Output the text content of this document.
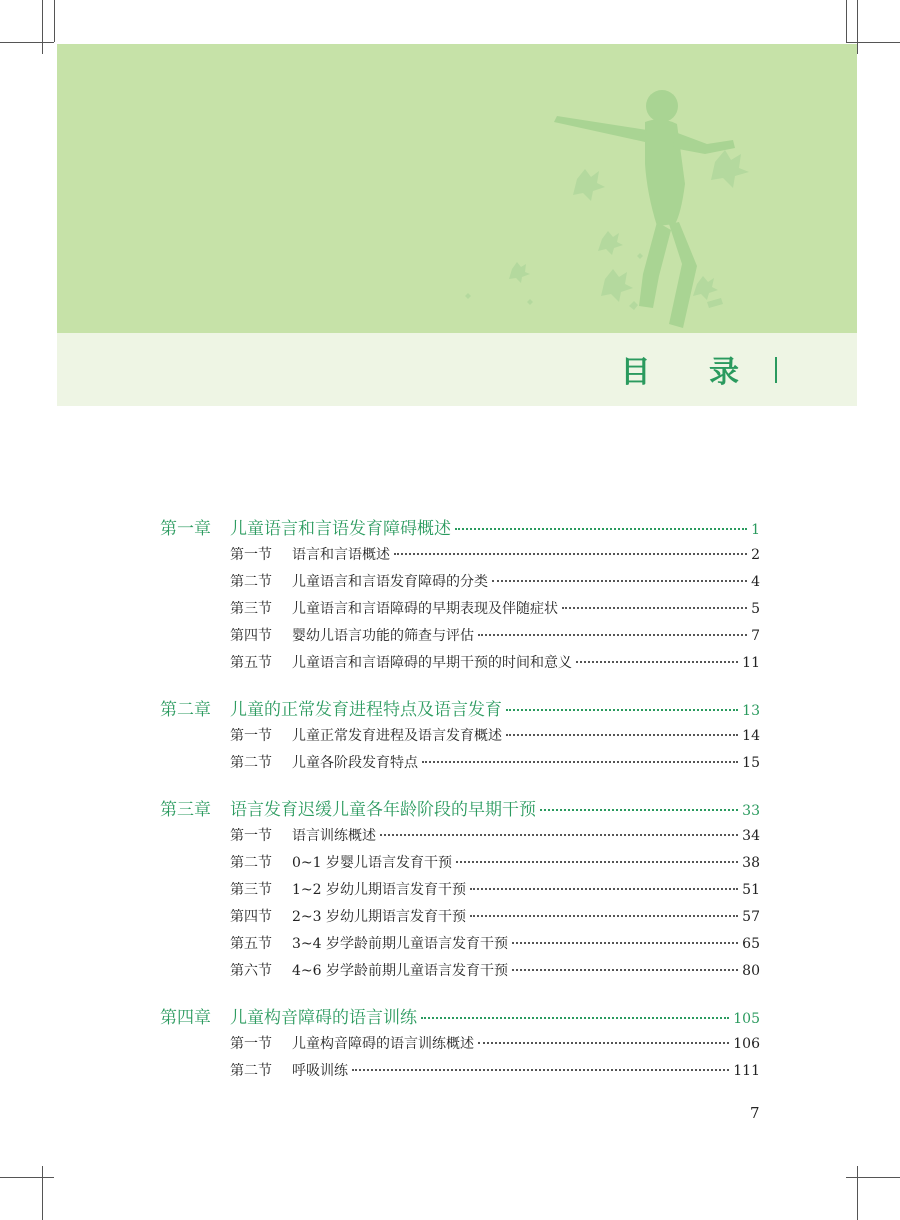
目 录
第一章	儿童语言和言语发育障碍概述	1
第一节	语言和言语概述	2
第二节	儿童语言和言语发育障碍的分类	4
第三节	儿童语言和言语障碍的早期表现及伴随症状	5
第四节	婴幼儿语言功能的筛查与评估	7
第五节	儿童语言和言语障碍的早期干预的时间和意义	11
第二章	儿童的正常发育进程特点及语言发育	13
第一节	儿童正常发育进程及语言发育概述	14
第二节	儿童各阶段发育特点	15
第三章	语言发育迟缓儿童各年龄阶段的早期干预	33
第一节	语言训练概述	34
第二节	0~1 岁婴儿语言发育干预	38
第三节	1~2 岁幼儿期语言发育干预	51
第四节	2~3 岁幼儿期语言发育干预	57
第五节	3~4 岁学龄前期儿童语言发育干预	65
第六节	4~6 岁学龄前期儿童语言发育干预	80
第四章	儿童构音障碍的语言训练	105
第一节	儿童构音障碍的语言训练概述	106
第二节	呼吸训练	111
7
